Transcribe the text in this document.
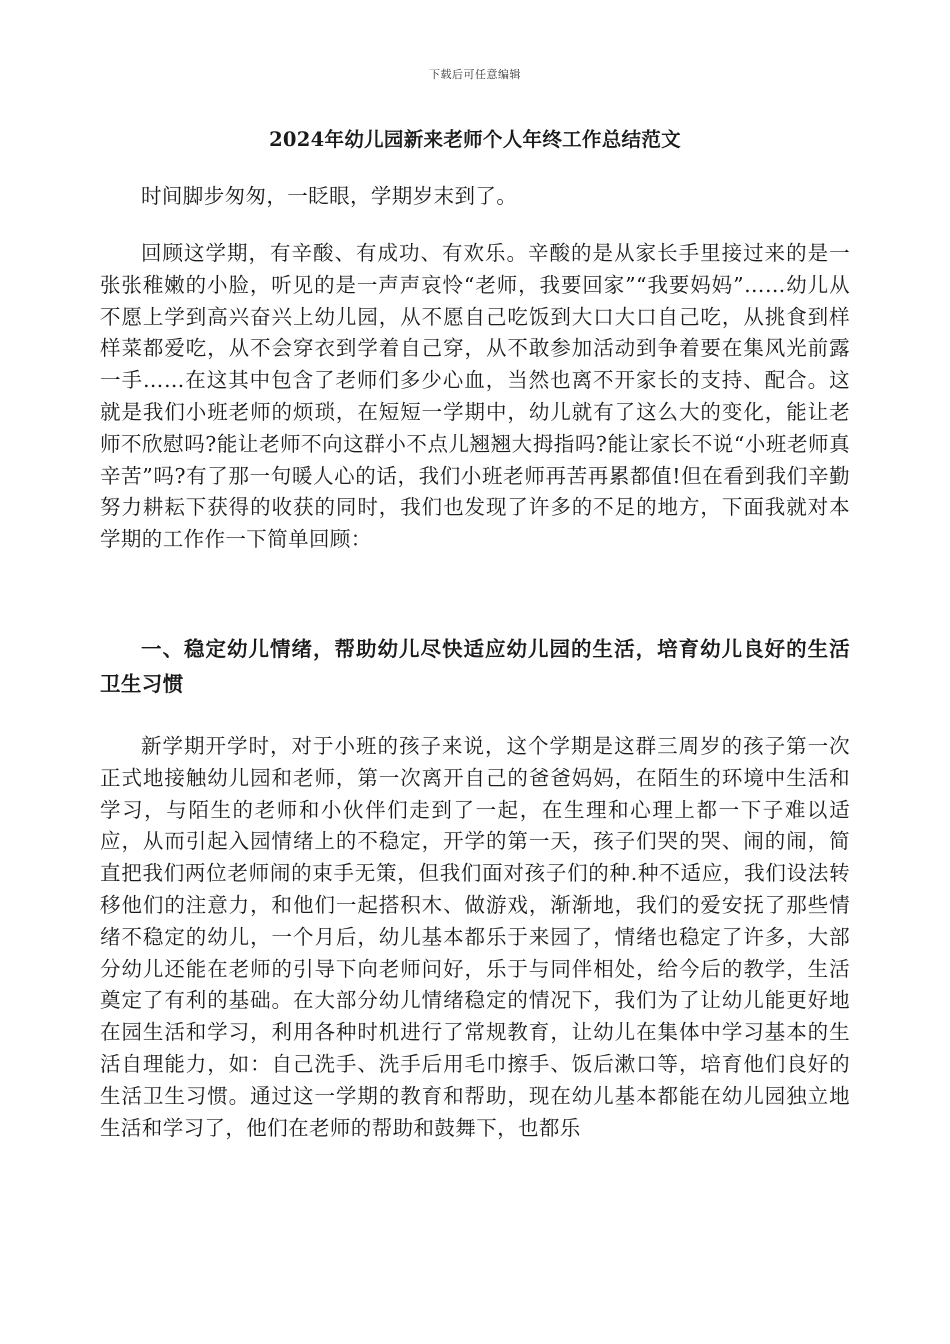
下载后可任意编辑
2024年幼儿园新来老师个人年终工作总结范文

时间脚步匆匆，一眨眼，学期岁末到了。

回顾这学期，有辛酸、有成功、有欢乐。辛酸的是从家长手里接过来的是一张张稚嫩的小脸，听见的是一声声哀怜“老师，我要回家”“我要妈妈”……幼儿从不愿上学到高兴奋兴上幼儿园，从不愿自己吃饭到大口大口自己吃，从挑食到样样菜都爱吃，从不会穿衣到学着自己穿，从不敢参加活动到争着要在集风光前露一手……在这其中包含了老师们多少心血，当然也离不开家长的支持、配合。这就是我们小班老师的烦琐，在短短一学期中，幼儿就有了这么大的变化，能让老师不欣慰吗?能让老师不向这群小不点儿翘翘大拇指吗?能让家长不说“小班老师真辛苦”吗?有了那一句暖人心的话，我们小班老师再苦再累都值!但在看到我们辛勤努力耕耘下获得的收获的同时，我们也发现了许多的不足的地方，下面我就对本学期的工作作一下简单回顾：

一、稳定幼儿情绪，帮助幼儿尽快适应幼儿园的生活，培育幼儿良好的生活卫生习惯

新学期开学时，对于小班的孩子来说，这个学期是这群三周岁的孩子第一次正式地接触幼儿园和老师，第一次离开自己的爸爸妈妈，在陌生的环境中生活和学习，与陌生的老师和小伙伴们走到了一起，在生理和心理上都一下子难以适应，从而引起入园情绪上的不稳定，开学的第一天，孩子们哭的哭、闹的闹，简直把我们两位老师闹的束手无策，但我们面对孩子们的种.种不适应，我们设法转移他们的注意力，和他们一起搭积木、做游戏，渐渐地，我们的爱安抚了那些情绪不稳定的幼儿，一个月后，幼儿基本都乐于来园了，情绪也稳定了许多，大部分幼儿还能在老师的引导下向老师问好，乐于与同伴相处，给今后的教学，生活奠定了有利的基础。在大部分幼儿情绪稳定的情况下，我们为了让幼儿能更好地在园生活和学习，利用各种时机进行了常规教育，让幼儿在集体中学习基本的生活自理能力，如：自己洗手、洗手后用毛巾擦手、饭后漱口等，培育他们良好的生活卫生习惯。通过这一学期的教育和帮助，现在幼儿基本都能在幼儿园独立地生活和学习了，他们在老师的帮助和鼓舞下，也都乐
